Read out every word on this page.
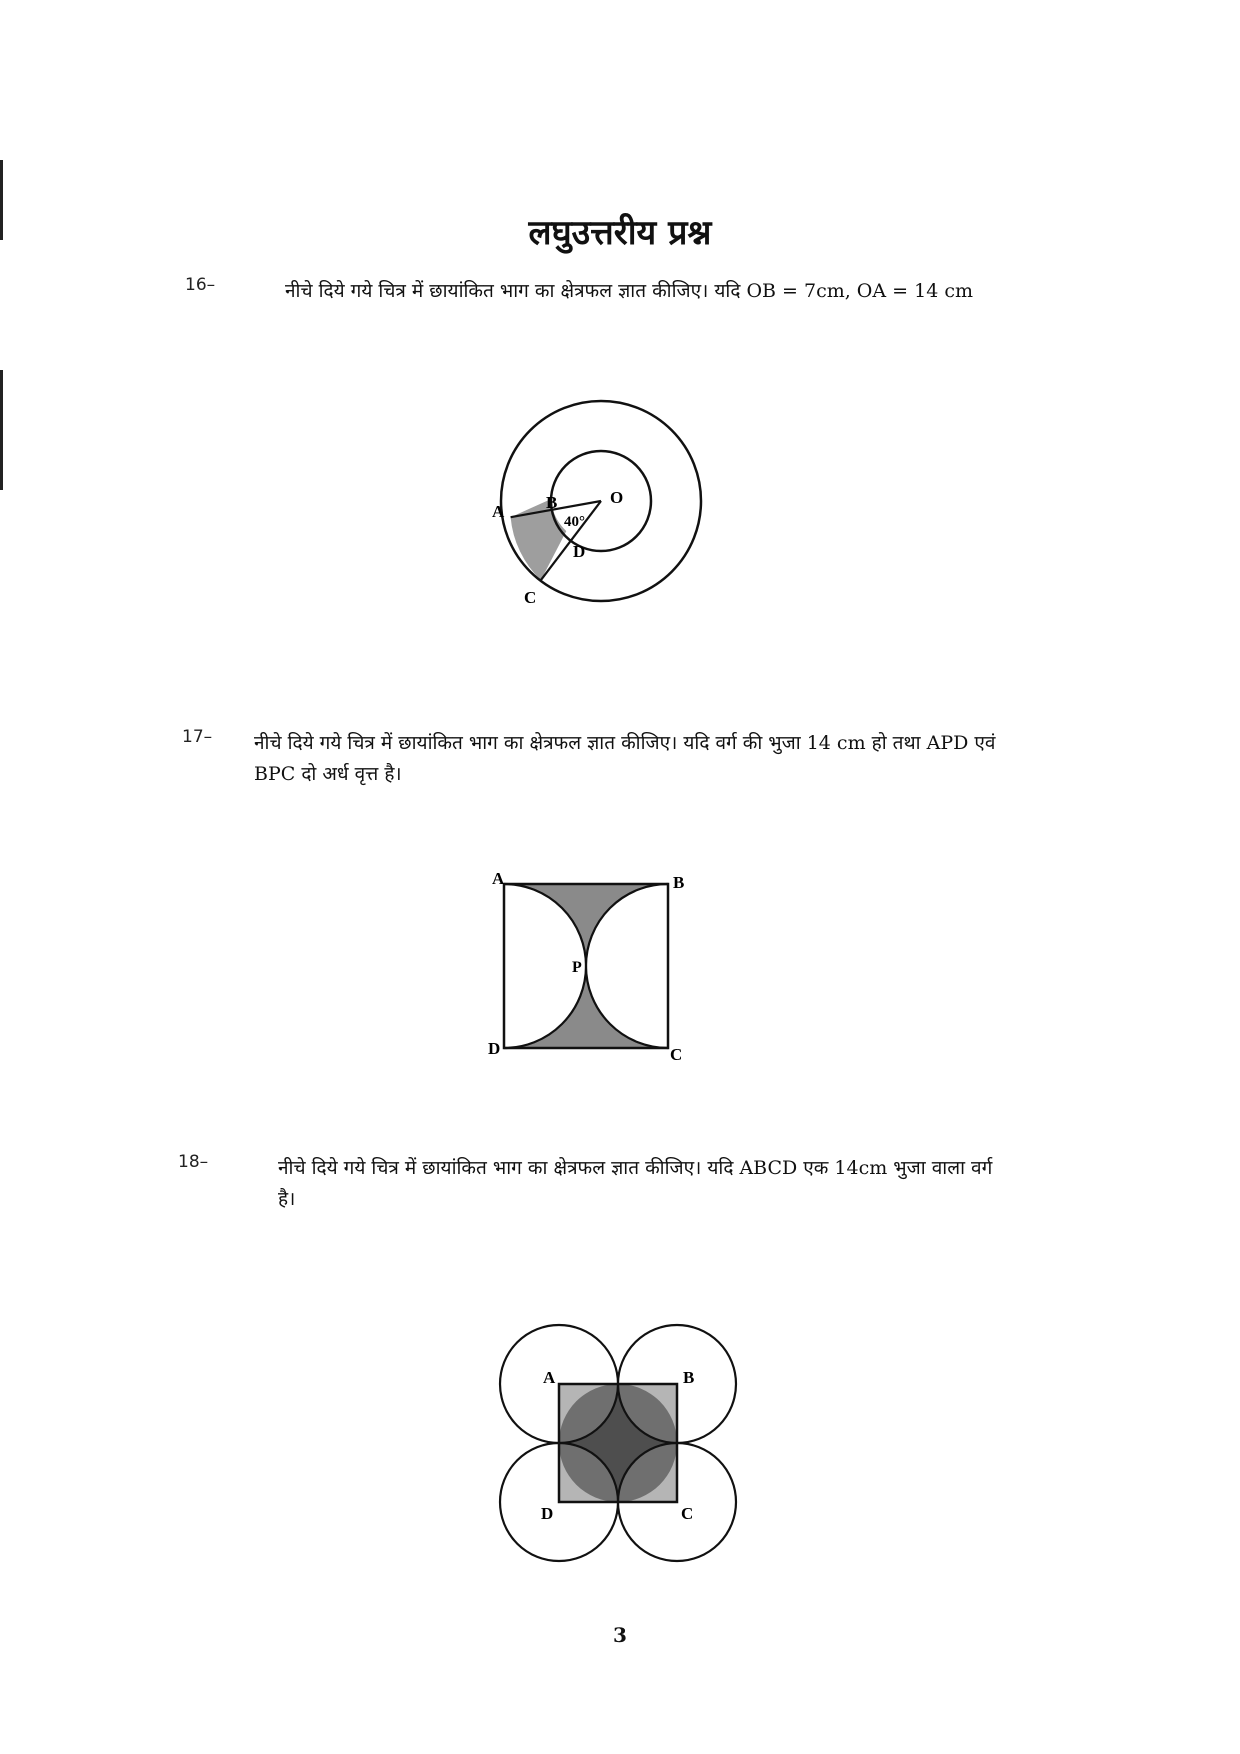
लघुउत्तरीय प्रश्न
16–	नीचे दिये गये चित्र में छायांकित भाग का क्षेत्रफल ज्ञात कीजिए। यदि OB = 7cm, OA = 14 cm
A B	O
D
C
40°
17– नीचे दिये गये चित्र में छायांकित भाग का क्षेत्रफल ज्ञात कीजिए। यदि वर्ग की भुजा 14 cm हो तथा APD एवं
BPC दो अर्ध वृत्त है।
A	B
P
D	C
18–	नीचे दिये गये चित्र में छायांकित भाग का क्षेत्रफल ज्ञात कीजिए। यदि ABCD एक 14cm भुजा वाला वर्ग
है।
A	B
D	C
3
